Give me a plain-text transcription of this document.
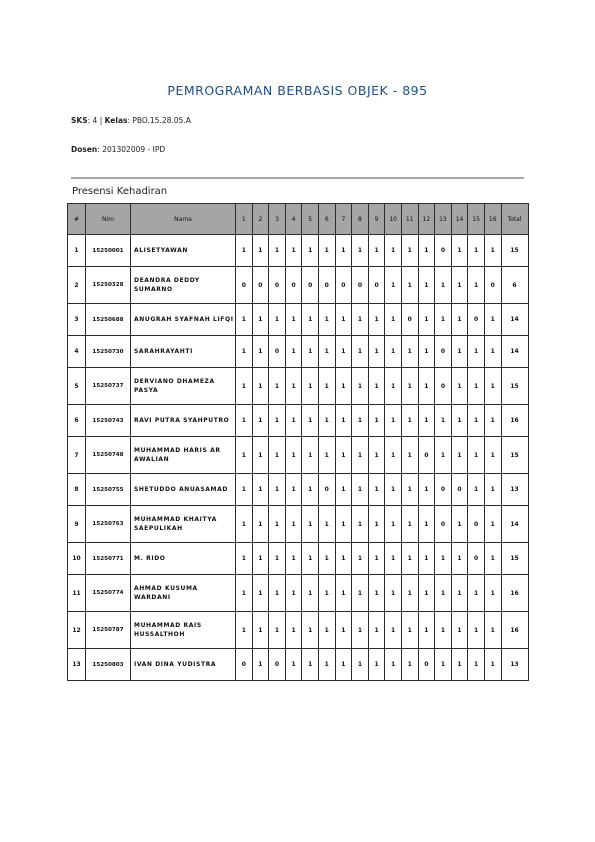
PEMROGRAMAN BERBASIS OBJEK - 895
SKS: 4 | Kelas: PBO.15.28.05.A
Dosen: 201302009 - IPD
Presensi Kehadiran
#	Nim	Nama	1	2	3	4	5	6	7	8	9	10	11	12	13	14	15	16	Total
1	15250001	ALISETYAWAN	1	1	1	1	1	1	1	1	1	1	1	1	0	1	1	1	15
2	15250328	DEANDRA DEDDY SUMARNO	0	0	0	0	0	0	0	0	0	1	1	1	1	1	1	0	6
3	15250688	ANUGRAH SYAFNAH LIFQI	1	1	1	1	1	1	1	1	1	1	0	1	1	1	0	1	14
4	15250730	SARAHRAYAHTI	1	1	0	1	1	1	1	1	1	1	1	1	0	1	1	1	14
5	15250737	DERVIANO DHAMEZA PASYA	1	1	1	1	1	1	1	1	1	1	1	1	0	1	1	1	15
6	15250743	RAVI PUTRA SYAHPUTRO	1	1	1	1	1	1	1	1	1	1	1	1	1	1	1	1	16
7	15250748	MUHAMMAD HARIS AR AWALIAN	1	1	1	1	1	1	1	1	1	1	1	0	1	1	1	1	15
8	15250755	SHETUDDO ANUASAMAD	1	1	1	1	1	0	1	1	1	1	1	1	0	0	1	1	13
9	15250763	MUHAMMAD KHAITYA SAEPULIKAH	1	1	1	1	1	1	1	1	1	1	1	1	0	1	0	1	14
10	15250771	M. RIDO	1	1	1	1	1	1	1	1	1	1	1	1	1	1	0	1	15
11	15250774	AHMAD KUSUMA WARDANI	1	1	1	1	1	1	1	1	1	1	1	1	1	1	1	1	16
12	15250787	MUHAMMAD RAIS HUSSALTHOH	1	1	1	1	1	1	1	1	1	1	1	1	1	1	1	1	16
13	15250803	IVAN DINA YUDISTRA	0	1	0	1	1	1	1	1	1	1	1	0	1	1	1	1	13
